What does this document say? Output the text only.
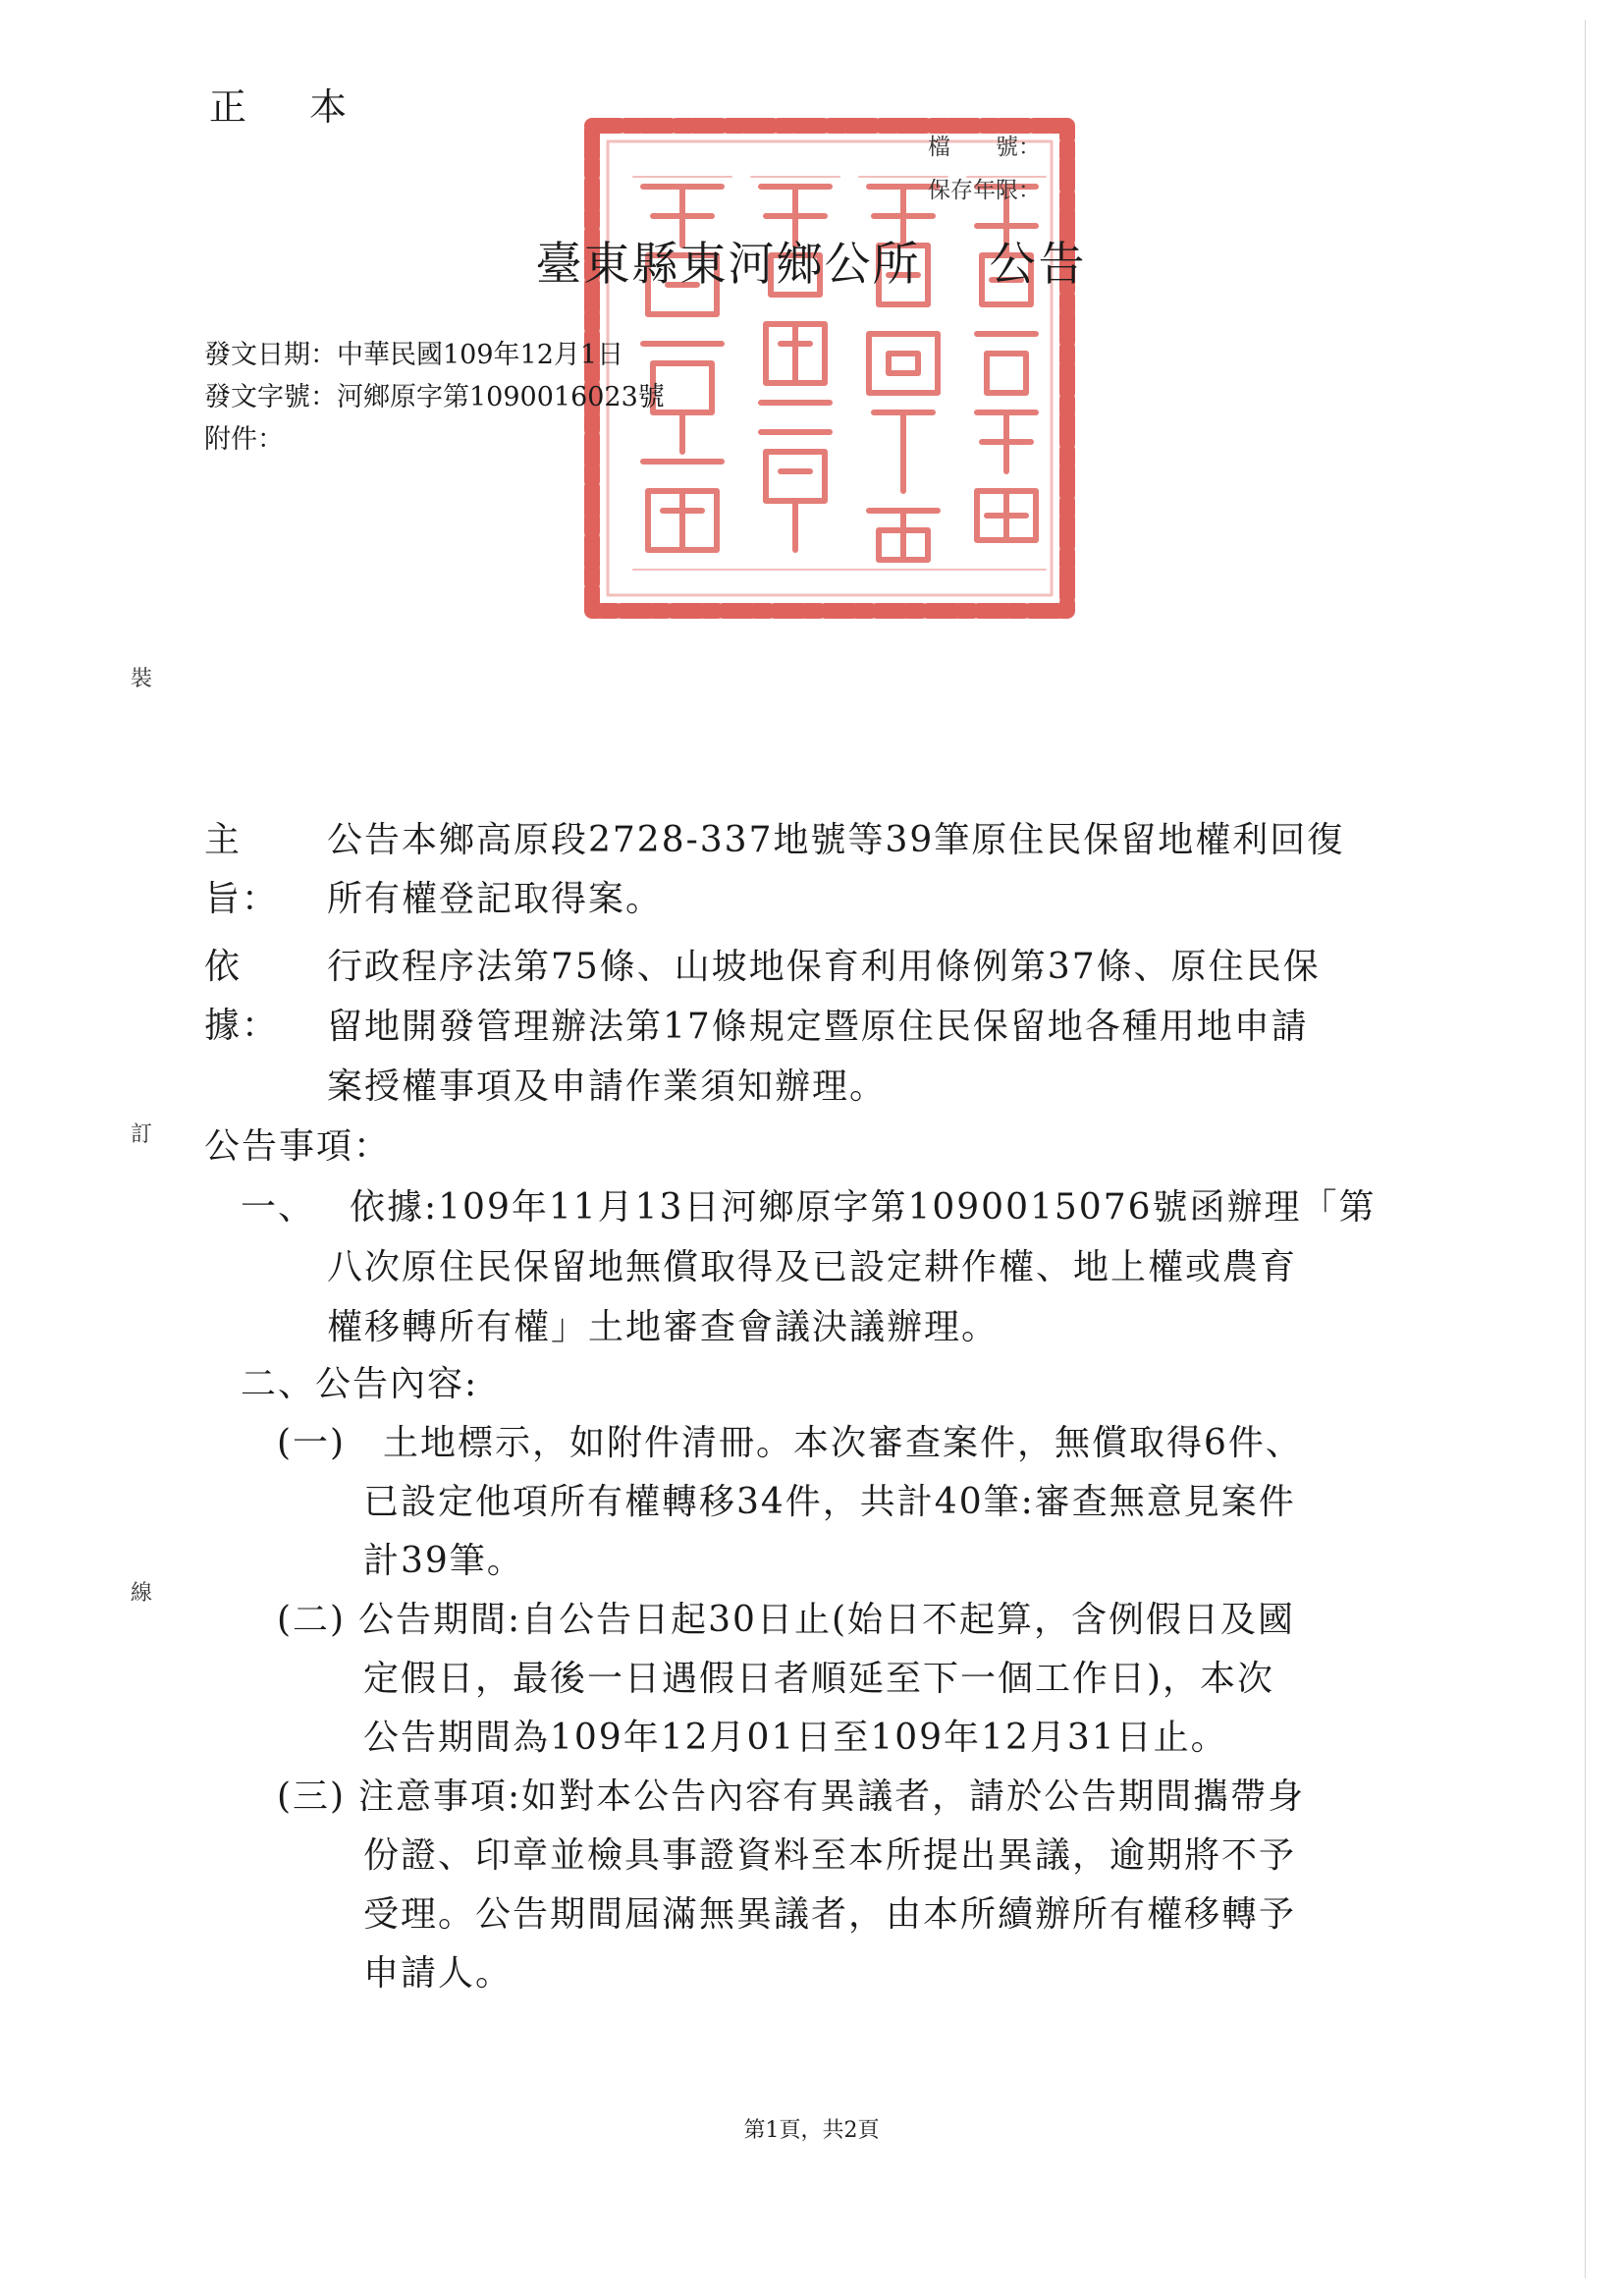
正 本
檔　　號：
保存年限：
臺東縣東河鄉公所 公告
發文日期：中華民國109年12月1日
發文字號：河鄉原字第1090016023號
附件：
裝
訂
線
主旨：
公告本鄉高原段2728-337地號等39筆原住民保留地權利回復
所有權登記取得案。
依據：
行政程序法第75條、山坡地保育利用條例第37條、原住民保
留地開發管理辦法第17條規定暨原住民保留地各種用地申請
案授權事項及申請作業須知辦理。
公告事項：
一、 依據:109年11月13日河鄉原字第1090015076號函辦理「第
八次原住民保留地無償取得及已設定耕作權、地上權或農育
權移轉所有權」土地審查會議決議辦理。
二、公告內容:
(一) 土地標示，如附件清冊。本次審查案件，無償取得6件、
已設定他項所有權轉移34件，共計40筆:審查無意見案件
計39筆。
(二) 公告期間:自公告日起30日止(始日不起算，含例假日及國
定假日，最後一日遇假日者順延至下一個工作日)，本次
公告期間為109年12月01日至109年12月31日止。
(三) 注意事項:如對本公告內容有異議者，請於公告期間攜帶身
份證、印章並檢具事證資料至本所提出異議，逾期將不予
受理。公告期間屆滿無異議者，由本所續辦所有權移轉予
申請人。
第1頁，共2頁
